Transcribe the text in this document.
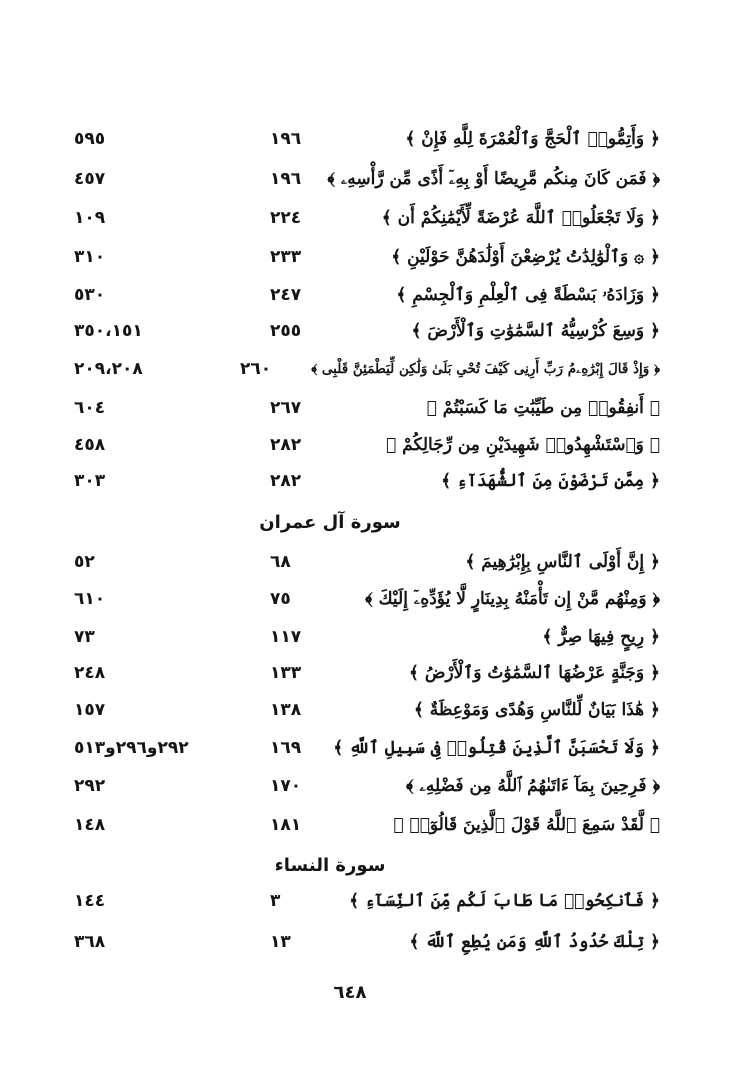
﴿ وَأَتِمُّوا۟ ٱلْحَجَّ وَٱلْعُمْرَةَ لِلَّهِ فَإِنْ ﴾
١٩٦
٥٩٥
﴿ فَمَن كَانَ مِنكُم مَّرِيضًا أَوْ بِهِۦٓ أَذًى مِّن رَّأْسِهِۦ ﴾
١٩٦
٤٥٧
﴿ وَلَا تَجْعَلُوا۟ ٱللَّهَ عُرْضَةً لِّأَيْمَٰنِكُمْ أَن ﴾
٢٢٤
١٠٩
﴿ ۞ وَٱلْوَٰلِدَٰتُ يُرْضِعْنَ أَوْلَٰدَهُنَّ حَوْلَيْنِ ﴾
٢٣٣
٣١٠
﴿ وَزَادَهُۥ بَسْطَةً فِى ٱلْعِلْمِ وَٱلْجِسْمِ ﴾
٢٤٧
٥٣٠
﴿ وَسِعَ كُرْسِيُّهُ ٱلسَّمَٰوَٰتِ وَٱلْأَرْضَ ﴾
٢٥٥
٣٥٠،١٥١
﴿ وَإِذْ قَالَ إِبْرَٰهِۦمُ رَبِّ أَرِنِى كَيْفَ تُحْىِ بَلَىٰ وَلَٰكِن لِّيَطْمَئِنَّ قَلْبِى ﴾
٢٦٠
٢٠٩،٢٠٨
﴿ أَنفِقُوا۟ مِن طَيِّبَٰتِ مَا كَسَبْتُمْ ﴾
٢٦٧
٦٠٤
﴿ وَٱسْتَشْهِدُوا۟ شَهِيدَيْنِ مِن رِّجَالِكُمْ ﴾
٢٨٢
٤٥٨
﴿ مِمَّن تَرْضَوْنَ مِنَ ٱلشُّهَدَآءِ ﴾
٢٨٢
٣٠٣
سورة آل عمران
﴿ إِنَّ أَوْلَى ٱلنَّاسِ بِإِبْرَٰهِيمَ ﴾
٦٨
٥٢
﴿ وَمِنْهُم مَّنْ إِن تَأْمَنْهُ بِدِينَارٍ لَّا يُؤَدِّهِۦٓ إِلَيْكَ ﴾
٧٥
٦١٠
﴿ رِيحٍ فِيهَا صِرٌّ ﴾
١١٧
٧٣
﴿ وَجَنَّةٍ عَرْضُهَا ٱلسَّمَٰوَٰتُ وَٱلْأَرْضُ ﴾
١٣٣
٢٤٨
﴿ هَٰذَا بَيَانٌ لِّلنَّاسِ وَهُدًى وَمَوْعِظَةٌ ﴾
١٣٨
١٥٧
﴿ وَلَا تَحْسَبَنَّ ٱلَّذِينَ قُتِلُوا۟ فِى سَبِيلِ ٱللَّهِ ﴾
١٦٩
٢٩٢و٢٩٦و٥١٣
﴿ فَرِحِينَ بِمَآ ءَاتَىٰهُمُ ٱللَّهُ مِن فَضْلِهِۦ ﴾
١٧٠
٢٩٢
﴿ لَّقَدْ سَمِعَ ٱللَّهُ قَوْلَ ٱلَّذِينَ قَالُوٓا۟ ﴾
١٨١
١٤٨
سورة النساء
﴿ فَٱنكِحُوا۟ مَا طَابَ لَكُم مِّنَ ٱلنِّسَآءِ ﴾
٣
١٤٤
﴿ تِلْكَ حُدُودُ ٱللَّهِ وَمَن يُطِعِ ٱللَّهَ ﴾
١٣
٣٦٨
٦٤٨
